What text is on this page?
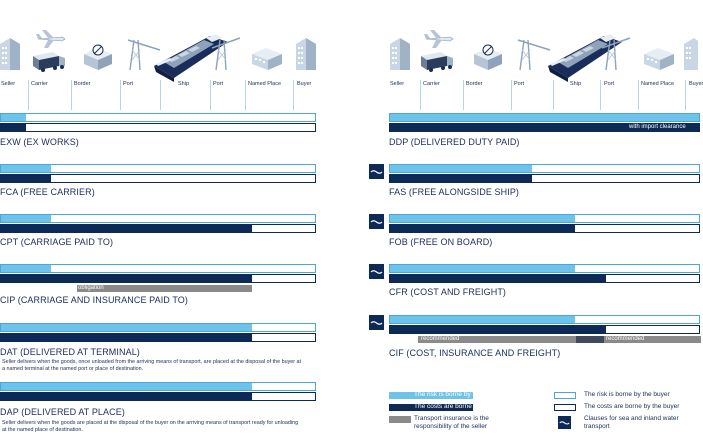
Seller	Carrier	Border	Port	Ship	Port	Named Place	Buyer	Seller	Carrier	Border	Port	Ship	Port	Named Place	Buyer
EXW (EX WORKS)
FCA (FREE CARRIER)
CPT (CARRIAGE PAID TO)
obligation
CIP (CARRIAGE AND INSURANCE PAID TO)
DAT (DELIVERED AT TERMINAL)

Seller delivers when the goods, once unloaded from the arriving means of transport, are placed at the disposal of the buyer at a named terminal at the named port or place of destination.

DAP (DELIVERED AT PLACE)

Seller delivers when the goods are placed at the disposal of the buyer on the arriving means of transport ready for unloading at the named place of destination.

with import clearance
DDP (DELIVERED DUTY PAID)
FAS (FREE ALONGSIDE SHIP)
FOB (FREE ON BOARD)
CFR (COST AND FREIGHT)
recommended	recommended
CIF (COST, INSURANCE AND FREIGHT)
The risk is borne by the seller
The costs are borne by the seller
Transport insurance is the responsibility of the seller
The risk is borne by the buyer
The costs are borne by the buyer
Clauses for sea and inland water transport
